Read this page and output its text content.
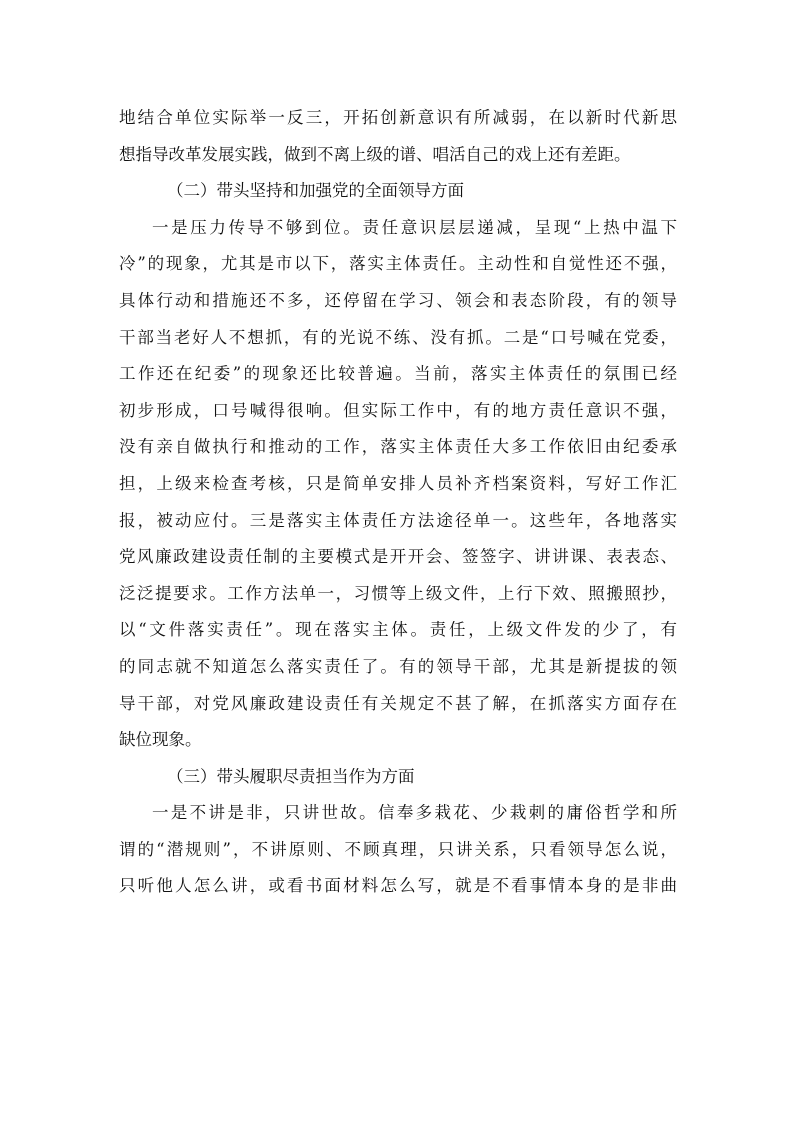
地结合单位实际举一反三，开拓创新意识有所减弱，在以新时代新思
想指导改革发展实践，做到不离上级的谱、唱活自己的戏上还有差距。
（二）带头坚持和加强党的全面领导方面
一是压力传导不够到位。责任意识层层递减，呈现“上热中温下
冷”的现象，尤其是市以下，落实主体责任。主动性和自觉性还不强，
具体行动和措施还不多，还停留在学习、领会和表态阶段，有的领导
干部当老好人不想抓，有的光说不练、没有抓。二是“口号喊在党委，
工作还在纪委”的现象还比较普遍。当前，落实主体责任的氛围已经
初步形成，口号喊得很响。但实际工作中，有的地方责任意识不强，
没有亲自做执行和推动的工作，落实主体责任大多工作依旧由纪委承
担，上级来检查考核，只是简单安排人员补齐档案资料，写好工作汇
报，被动应付。三是落实主体责任方法途径单一。这些年，各地落实
党风廉政建设责任制的主要模式是开开会、签签字、讲讲课、表表态、
泛泛提要求。工作方法单一，习惯等上级文件，上行下效、照搬照抄，
以“文件落实责任”。现在落实主体。责任，上级文件发的少了，有
的同志就不知道怎么落实责任了。有的领导干部，尤其是新提拔的领
导干部，对党风廉政建设责任有关规定不甚了解，在抓落实方面存在
缺位现象。
（三）带头履职尽责担当作为方面
一是不讲是非，只讲世故。信奉多栽花、少栽刺的庸俗哲学和所
谓的“潜规则”，不讲原则、不顾真理，只讲关系，只看领导怎么说，
只听他人怎么讲，或看书面材料怎么写，就是不看事情本身的是非曲
